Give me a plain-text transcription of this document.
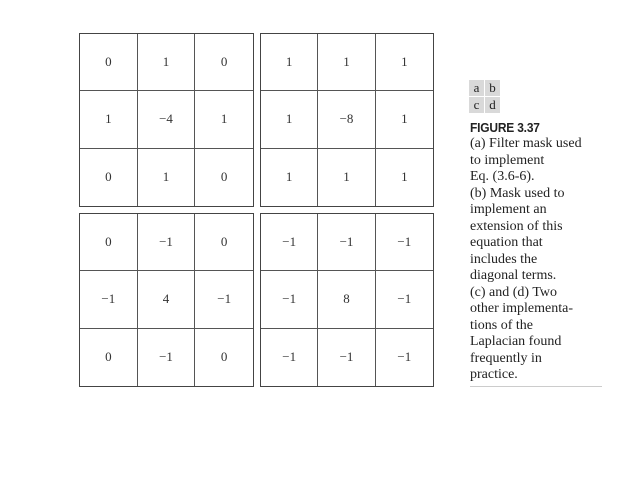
0	1	0
1	−4	1
0	1	0
1	1	1
1	−8	1
1	1	1
0	−1	0
−1	4	−1
0	−1	0
−1	−1	−1
−1	8	−1
−1	−1	−1
a b
c d
FIGURE 3.37
(a) Filter mask used
to implement
Eq. (3.6-6).
(b) Mask used to
implement an
extension of this
equation that
includes the
diagonal terms.
(c) and (d) Two
other implementa-
tions of the
Laplacian found
frequently in
practice.
